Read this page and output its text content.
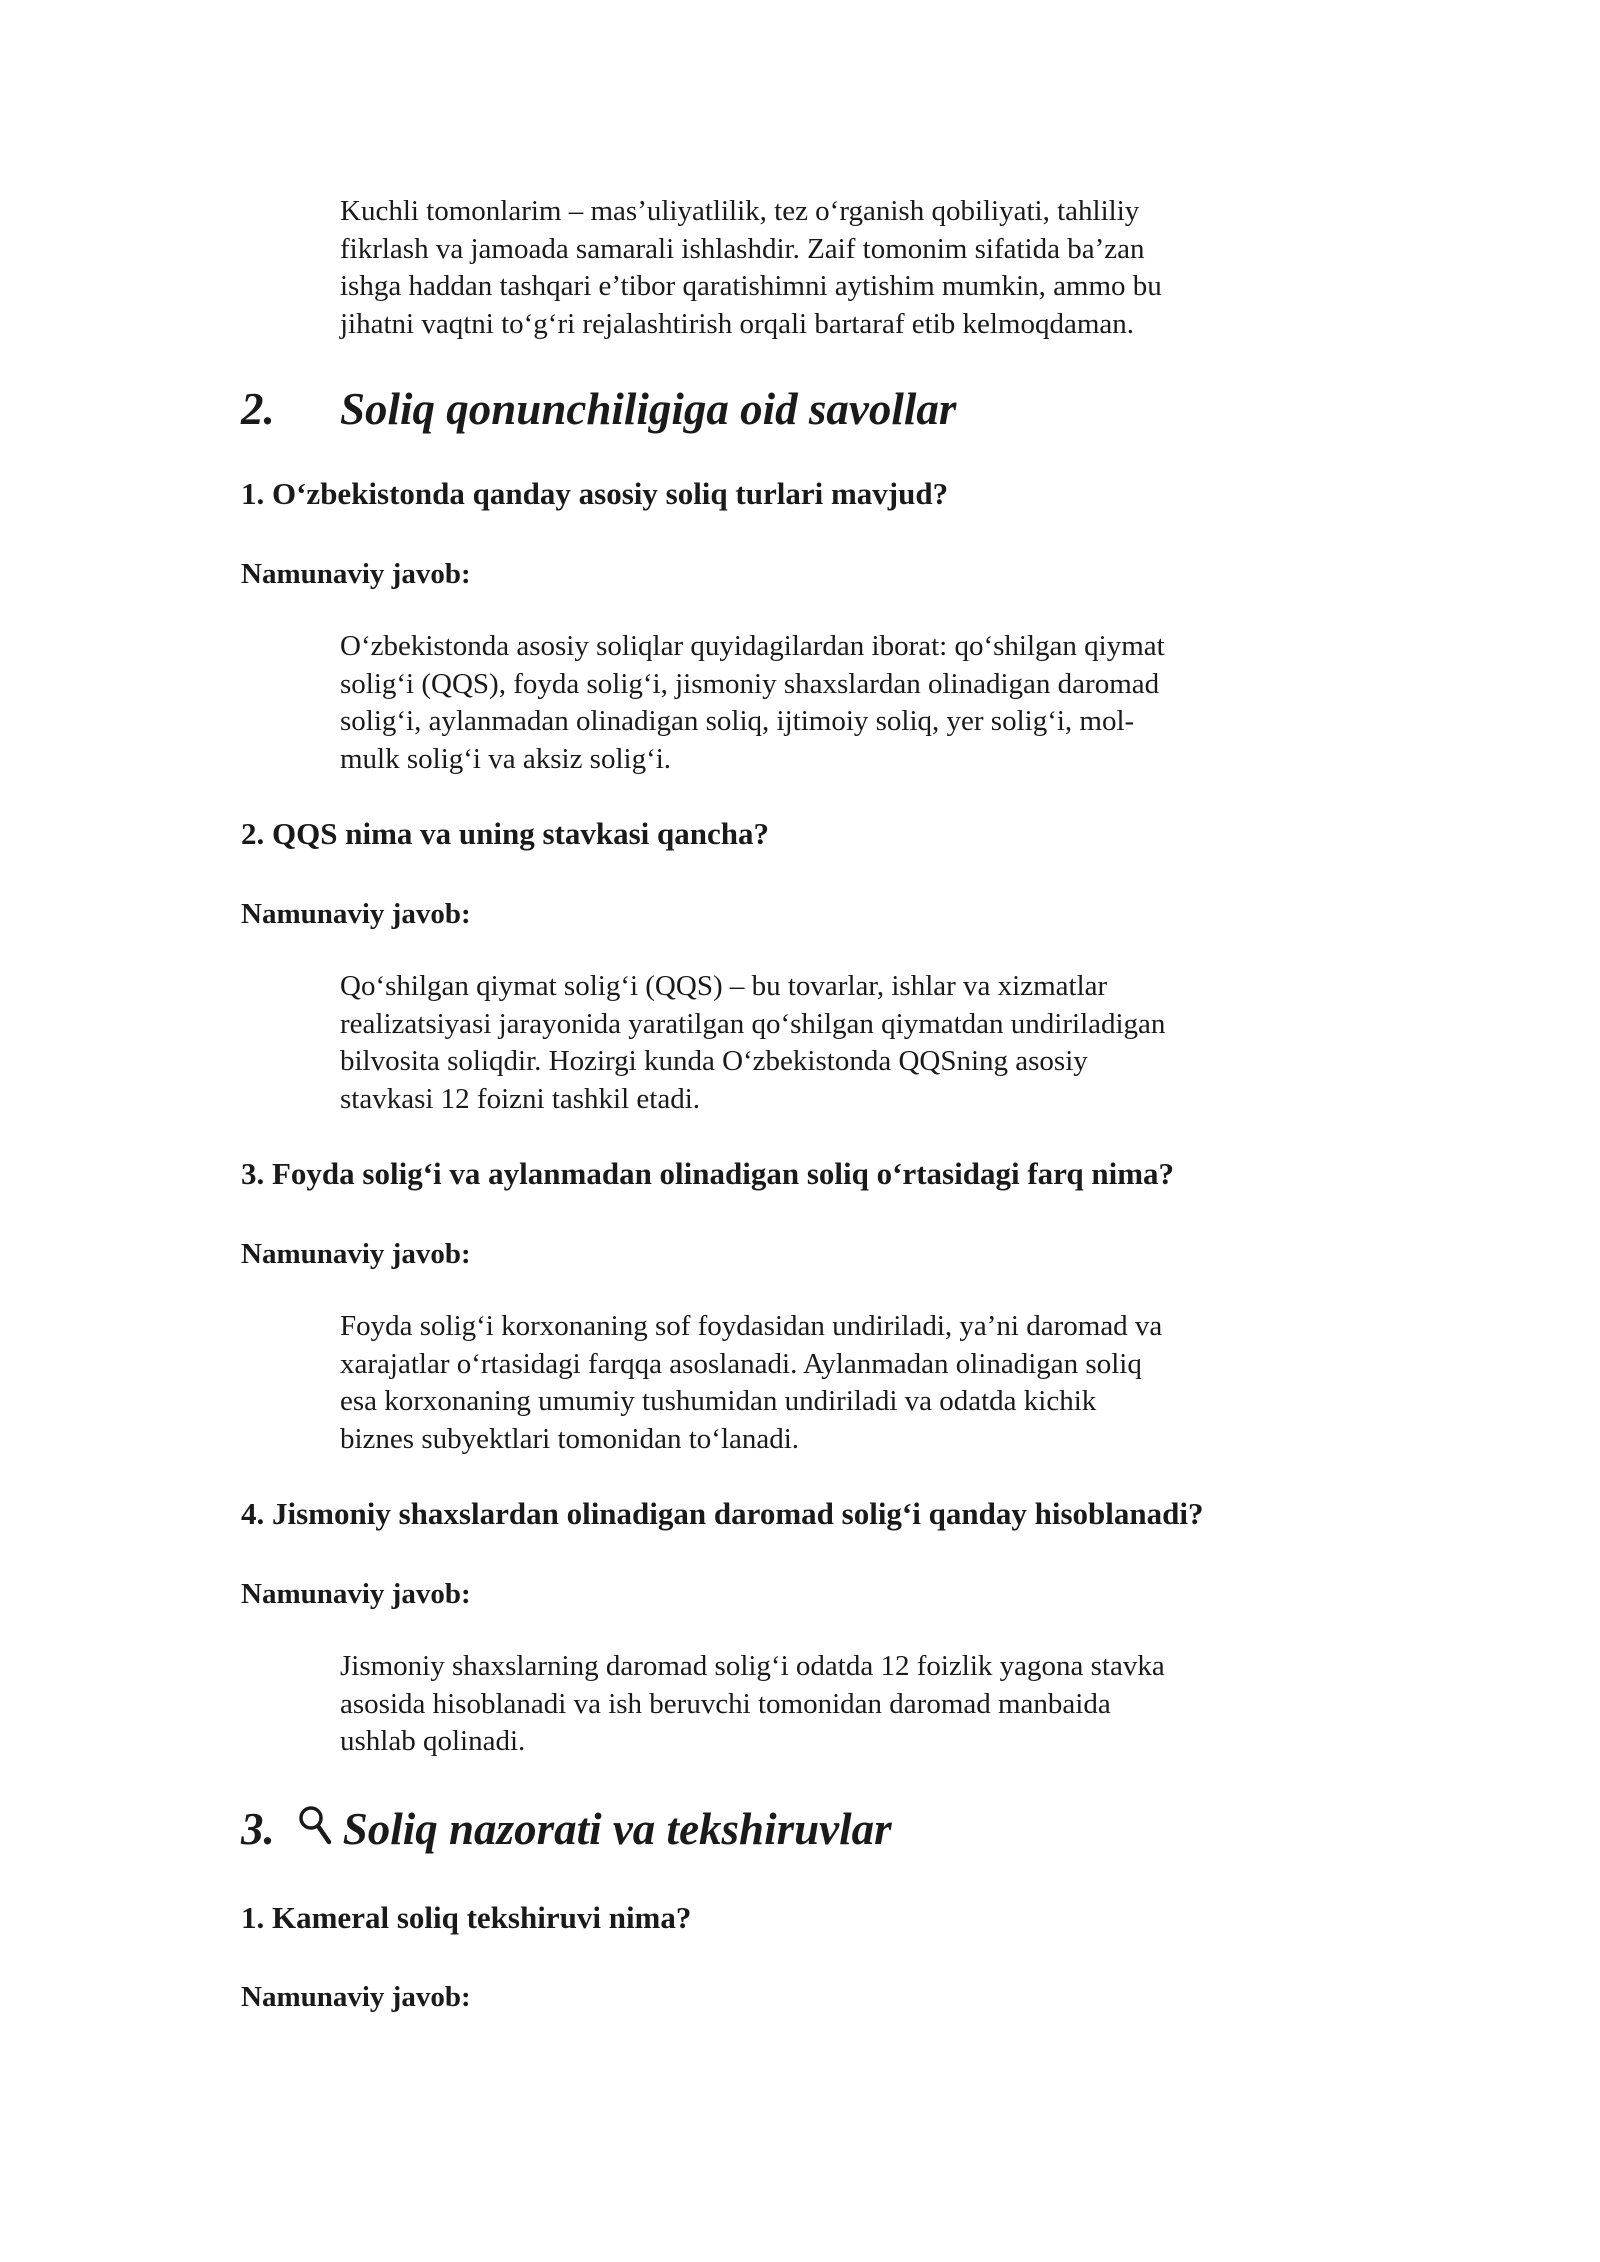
Kuchli tomonlarim – mas’uliyatlilik, tez o‘rganish qobiliyati, tahliliy
fikrlash va jamoada samarali ishlashdir. Zaif tomonim sifatida ba’zan
ishga haddan tashqari e’tibor qaratishimni aytishim mumkin, ammo bu
jihatni vaqtni to‘g‘ri rejalashtirish orqali bartaraf etib kelmoqdaman.

2. Soliq qonunchiligiga oid savollar
1. O‘zbekistonda qanday asosiy soliq turlari mavjud?

Namunaviy javob:

O‘zbekistonda asosiy soliqlar quyidagilardan iborat: qo‘shilgan qiymat
solig‘i (QQS), foyda solig‘i, jismoniy shaxslardan olinadigan daromad
solig‘i, aylanmadan olinadigan soliq, ijtimoiy soliq, yer solig‘i, mol-
mulk solig‘i va aksiz solig‘i.

2. QQS nima va uning stavkasi qancha?

Namunaviy javob:

Qo‘shilgan qiymat solig‘i (QQS) – bu tovarlar, ishlar va xizmatlar
realizatsiyasi jarayonida yaratilgan qo‘shilgan qiymatdan undiriladigan
bilvosita soliqdir. Hozirgi kunda O‘zbekistonda QQSning asosiy
stavkasi 12 foizni tashkil etadi.

3. Foyda solig‘i va aylanmadan olinadigan soliq o‘rtasidagi farq nima?

Namunaviy javob:

Foyda solig‘i korxonaning sof foydasidan undiriladi, ya’ni daromad va
xarajatlar o‘rtasidagi farqqa asoslanadi. Aylanmadan olinadigan soliq
esa korxonaning umumiy tushumidan undiriladi va odatda kichik
biznes subyektlari tomonidan to‘lanadi.

4. Jismoniy shaxslardan olinadigan daromad solig‘i qanday hisoblanadi?

Namunaviy javob:

Jismoniy shaxslarning daromad solig‘i odatda 12 foizlik yagona stavka
asosida hisoblanadi va ish beruvchi tomonidan daromad manbaida
ushlab qolinadi.

3. Soliq nazorati va tekshiruvlar
1. Kameral soliq tekshiruvi nima?

Namunaviy javob:
